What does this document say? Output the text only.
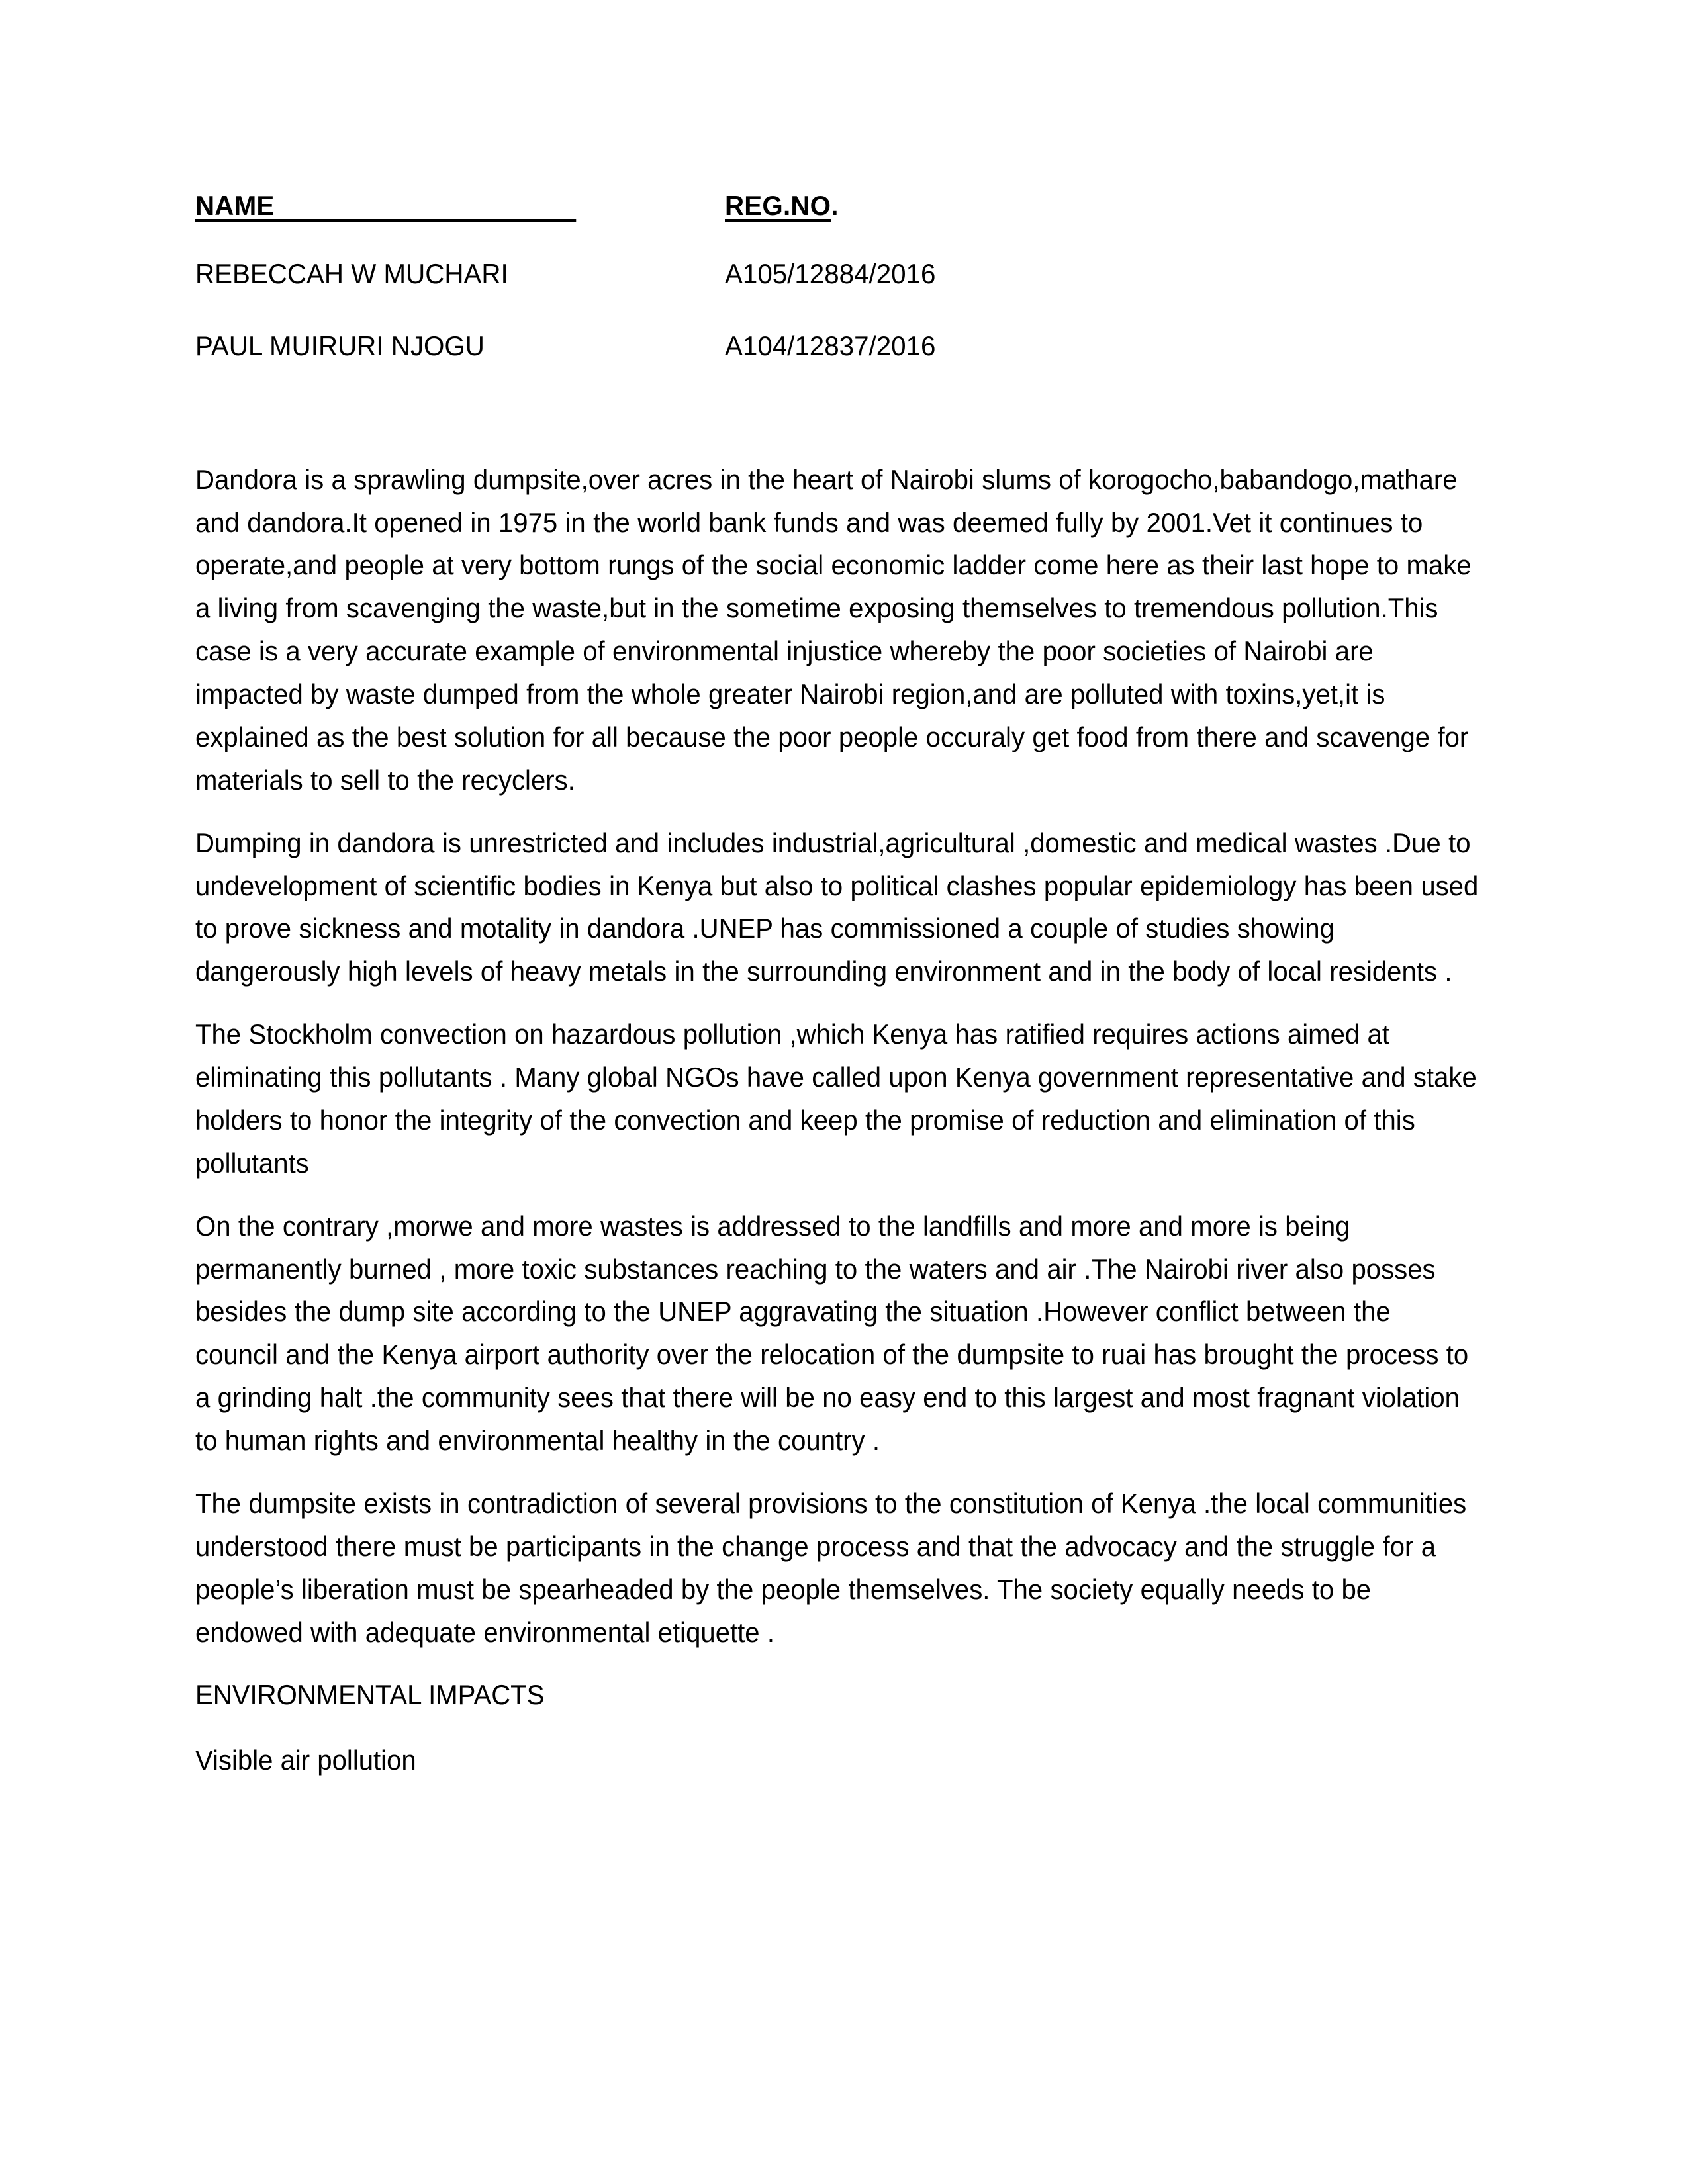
NAME	REG.NO.
REBECCAH W MUCHARI	A105/12884/2016
PAUL MUIRURI NJOGU	A104/12837/2016

Dandora is a sprawling dumpsite,over acres in the heart of Nairobi slums of korogocho,babandogo,mathare and dandora.It opened in 1975 in the world bank funds and was deemed fully by 2001.Vet it continues to operate,and people at very bottom rungs of the social economic ladder come here as their last hope to make a living from scavenging the waste,but in the sometime exposing themselves to tremendous pollution.This case is a very accurate example of environmental injustice whereby the poor societies of Nairobi are impacted by waste dumped from the whole greater Nairobi region,and are polluted with toxins,yet,it is explained as the best solution for all because the poor people occuraly get food from there and scavenge for materials to sell to the recyclers.

Dumping in dandora is unrestricted and includes industrial,agricultural ,domestic and medical wastes .Due to undevelopment of scientific bodies in Kenya but also to political clashes popular epidemiology has been used to prove sickness and motality in dandora .UNEP has commissioned a couple of studies showing dangerously high levels of heavy metals in the surrounding environment and in the body of local residents .

The Stockholm convection on hazardous pollution ,which Kenya has ratified requires actions aimed at eliminating this pollutants . Many global NGOs have called upon Kenya government representative and stake holders to honor the integrity of the convection and keep the promise of reduction and elimination of this pollutants

On the contrary ,morwe and more wastes is addressed to the landfills and more and more is being permanently burned , more toxic substances reaching to the waters and air .The Nairobi river also posses besides the dump site according to the UNEP aggravating the situation .However conflict between the council and the Kenya airport authority over the relocation of the dumpsite to ruai has brought the process to a grinding halt .the community sees that there will be no easy end to this largest and most fragnant violation to human rights and environmental healthy in the country .

The dumpsite exists in contradiction of several provisions to the constitution of Kenya .the local communities understood there must be participants in the change process and that the advocacy and the struggle for a people’s liberation must be spearheaded by the people themselves. The society equally needs to be endowed with adequate environmental etiquette .

ENVIRONMENTAL IMPACTS

Visible air pollution
